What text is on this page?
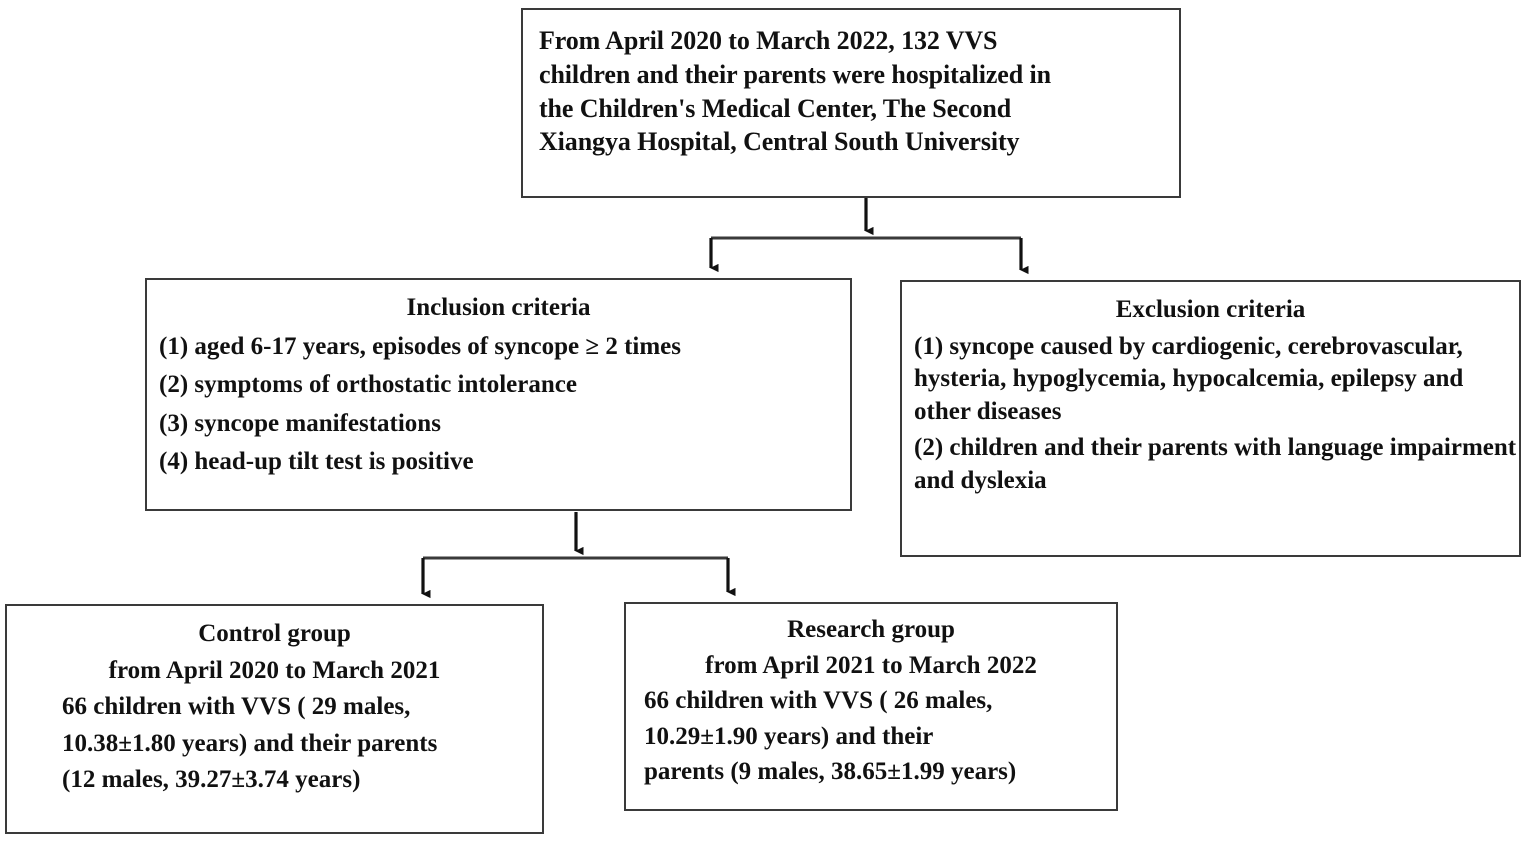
From April 2020 to March 2022, 132 VVS
children and their parents were hospitalized in
the Children's Medical Center, The Second
Xiangya Hospital, Central South University
Inclusion criteria
(1) aged 6-17 years, episodes of syncope ≥ 2 times
(2) symptoms of orthostatic intolerance
(3) syncope manifestations
(4) head-up tilt test is positive
Exclusion criteria
(1) syncope caused by cardiogenic, cerebrovascular, hysteria, hypoglycemia, hypocalcemia, epilepsy and other diseases
(2) children and their parents with language impairment and dyslexia
Control group
from April 2020 to March 2021
66 children with VVS ( 29 males,
10.38±1.80 years) and their parents
(12 males, 39.27±3.74 years)
Research group
from April 2021 to March 2022
66 children with VVS ( 26 males,
10.29±1.90 years) and their
parents (9 males, 38.65±1.99 years)
